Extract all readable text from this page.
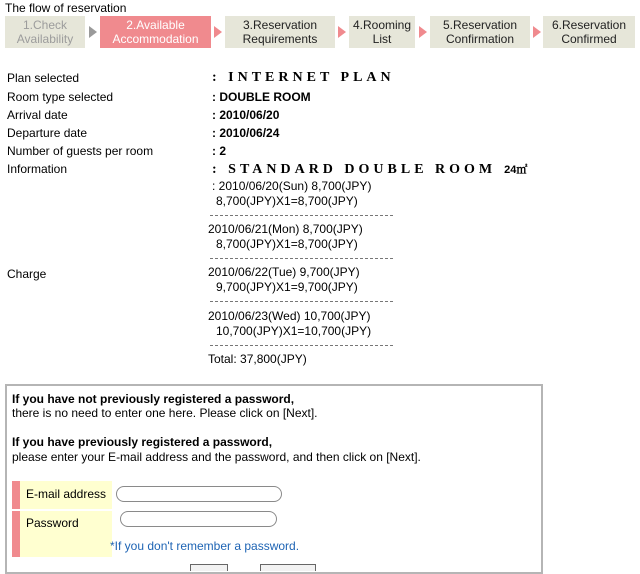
The flow of reservation
1.Check
Availability
2.Available
Accommodation
3.Reservation
Requirements
4.Rooming
List
5.Reservation
Confirmation
6.Reservation
Confirmed
Plan selected	: INTERNET PLAN
Room type selected	: DOUBLE ROOM
Arrival date	: 2010/06/20
Departure date	: 2010/06/24
Number of guests per room	: 2
Information	: STANDARD DOUBLE ROOM 24㎡
: 2010/06/20(Sun) 8,700(JPY)
8,700(JPY)X1=8,700(JPY)
2010/06/21(Mon) 8,700(JPY)
8,700(JPY)X1=8,700(JPY)
Charge	2010/06/22(Tue) 9,700(JPY)
9,700(JPY)X1=9,700(JPY)
2010/06/23(Wed) 10,700(JPY)
10,700(JPY)X1=10,700(JPY)
Total: 37,800(JPY)
If you have not previously registered a password,
there is no need to enter one here. Please click on [Next].
If you have previously registered a password,
please enter your E-mail address and the password, and then click on [Next].
E-mail address
Password
*If you don't remember a password.
